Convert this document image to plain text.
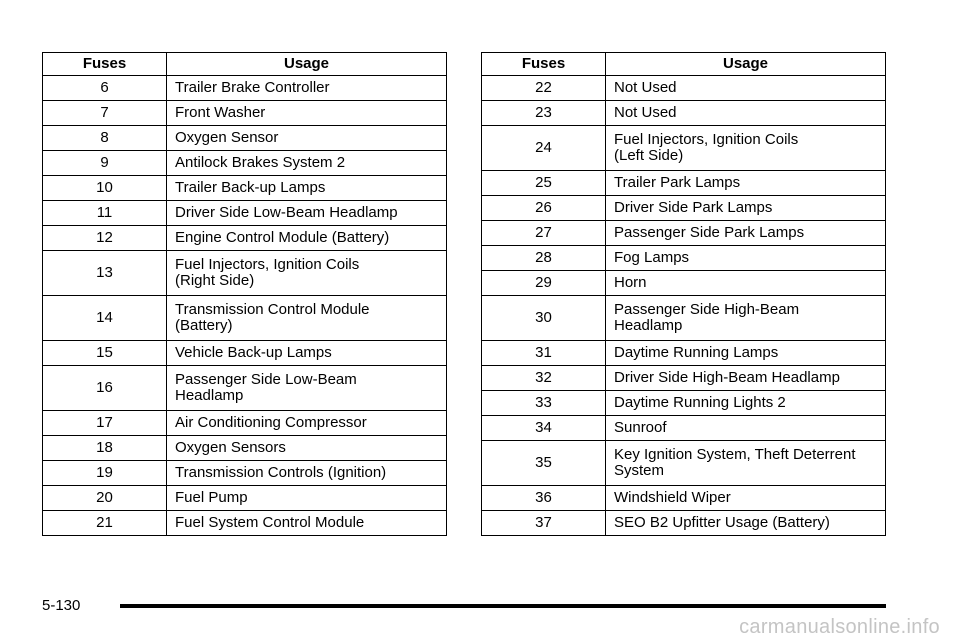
Fuses	Usage
6	Trailer Brake Controller
7	Front Washer
8	Oxygen Sensor
9	Antilock Brakes System 2
10	Trailer Back-up Lamps
11	Driver Side Low-Beam Headlamp
12	Engine Control Module (Battery)
13	Fuel Injectors, Ignition Coils
(Right Side)
14	Transmission Control Module
(Battery)
15	Vehicle Back-up Lamps
16	Passenger Side Low-Beam
Headlamp
17	Air Conditioning Compressor
18	Oxygen Sensors
19	Transmission Controls (Ignition)
20	Fuel Pump
21	Fuel System Control Module
Fuses	Usage
22	Not Used
23	Not Used
24	Fuel Injectors, Ignition Coils
(Left Side)
25	Trailer Park Lamps
26	Driver Side Park Lamps
27	Passenger Side Park Lamps
28	Fog Lamps
29	Horn
30	Passenger Side High-Beam
Headlamp
31	Daytime Running Lamps
32	Driver Side High-Beam Headlamp
33	Daytime Running Lights 2
34	Sunroof
35	Key Ignition System, Theft Deterrent
System
36	Windshield Wiper
37	SEO B2 Upfitter Usage (Battery)
5-130
carmanualsonline.info
